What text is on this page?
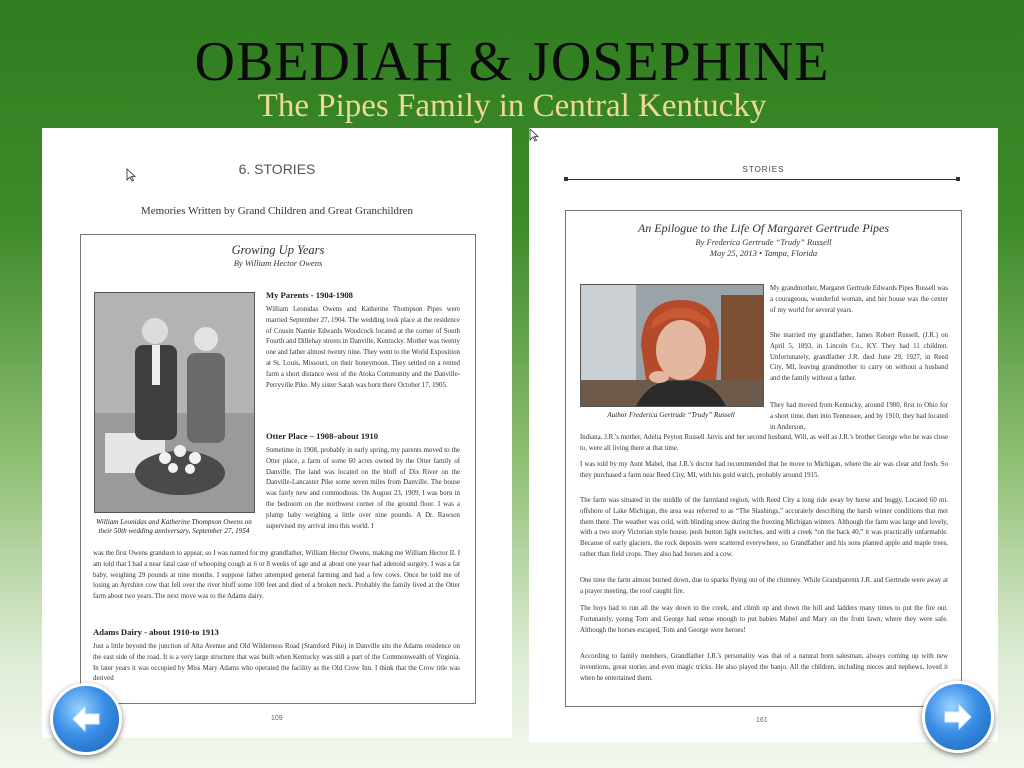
OBEDIAH & JOSEPHINE
The Pipes Family in Central Kentucky
6. STORIES
Memories Written by Grand Children and Great Granchildren
Growing Up Years
By William Hector Owens
William Leonidas and Katherine Thompson Owens on their 50th wedding anniversary, September 27, 1954
My Parents - 1904-1908

William Leonidas Owens and Katherine Thompson Pipes were married September 27, 1904. The wedding took place at the residence of Cousin Nannie Edwards Woodcock located at the corner of South Fourth and Dillehay streets in Danville, Kentucky. Mother was twenty one and father almost twenty nine. They went to the World Exposition at St. Louis, Missouri, on their honeymoon. They settled on a rented farm a short distance west of the Atoka Community and the Danville-Perryville Pike. My sister Sarah was born there October 17, 1905.

Otter Place – 1908–about 1910

Sometime in 1908, probably in early spring, my parents moved to the Otter place, a farm of some 60 acres owned by the Otter family of Danville. The land was located on the bluff of Dix River on the Danville-Lancaster Pike some seven miles from Danville. The house was fairly new and commodious. On August 23, 1909, I was born in the bedroom on the northwest corner of the ground floor. I was a plump baby weighing a little over nine pounds. A Dr. Rawson supervised my arrival into this world. I

was the first Owens grandson to appear, so I was named for my grandfather, William Hector Owens, making me William Hector II. I am told that I had a near fatal case of whooping cough at 6 or 8 weeks of age and at about one year had adenoid surgery. I was a fat baby, weighing 29 pounds at nine months. I suppose father attempted general farming and had a few cows. Once he told me of losing an Ayrshire cow that fell over the river bluff some 100 feet and died of a broken neck. Probably the family lived at the Otter farm about two years. The next move was to the Adams dairy.

Adams Dairy - about 1910-to 1913

Just a little beyond the junction of Alta Avenue and Old Wilderness Road (Stamford Pike) in Danville sits the Adams residence on the east side of the road. It is a very large structure that was built when Kentucky was still a part of the Commonwealth of Virginia. In later years it was occupied by Miss Mary Adams who operated the facility as the Old Crow Inn. I think that the Crow title was derived

109
STORIES
An Epilogue to the Life Of Margaret Gertrude Pipes
By Frederica Gertrude “Trudy” Russell
May 25, 2013 • Tampa, Florida
Author Frederica Gertrude “Trudy” Russell

My grandmother, Margaret Gertrude Edwards Pipes Russell was a courageous, wonderful woman, and her house was the center of my world for several years.

She married my grandfather, James Robert Russell, (J.R.) on April 5, 1893, in Lincoln Co., KY. They had 11 children. Unfortunately, grandfather J.R. died June 29, 1927, in Reed City, MI, leaving grandmother to carry on without a husband and the family without a father.

They had moved from Kentucky, around 1900, first to Ohio for a short time, then into Tennessee, and by 1910, they had located in Anderson,

Indiana. J.R.'s mother, Adelia Peyton Russell Jarvis and her second husband, Will, as well as J.R.'s brother George who he was close to, were all living there at that time.

I was told by my Aunt Mabel, that J.R.'s doctor had recommended that he move to Michigan, where the air was clear and fresh. So they purchased a farm near Reed City, MI, with his gold watch, probably around 1915.

The farm was situated in the middle of the farmland region, with Reed City a long ride away by horse and buggy. Located 60 mi. offshore of Lake Michigan, the area was referred to as “The Slashings,” accurately describing the harsh winter conditions that met them there. The weather was cold, with blinding snow during the freezing Michigan winters. Although the farm was large and lovely, with a two story Victorian style house, push button light switches, and with a creek “on the back 40,” it was practically unfarmable. Because of early glaciers, the rock deposits were scattered everywhere, so Grandfather and his sons planted apple and maple trees, rather than field crops. They also had horses and a cow.

One time the farm almost burned down, due to sparks flying out of the chimney. While Grandparents J.R. and Gertrude were away at a prayer meeting, the roof caught fire.

The boys had to run all the way down to the creek, and climb up and down the hill and ladders many times to put the fire out. Fortunately, young Tom and George had sense enough to put babies Mabel and Mary on the front lawn, where they were safe. Although the horses escaped, Tom and George were heroes!

According to family members, Grandfather J.R.'s personality was that of a natural born salesman, always coming up with new inventions, great stories and even magic tricks. He also played the banjo. All the children, including nieces and nephews, loved it when he entertained them.

161
